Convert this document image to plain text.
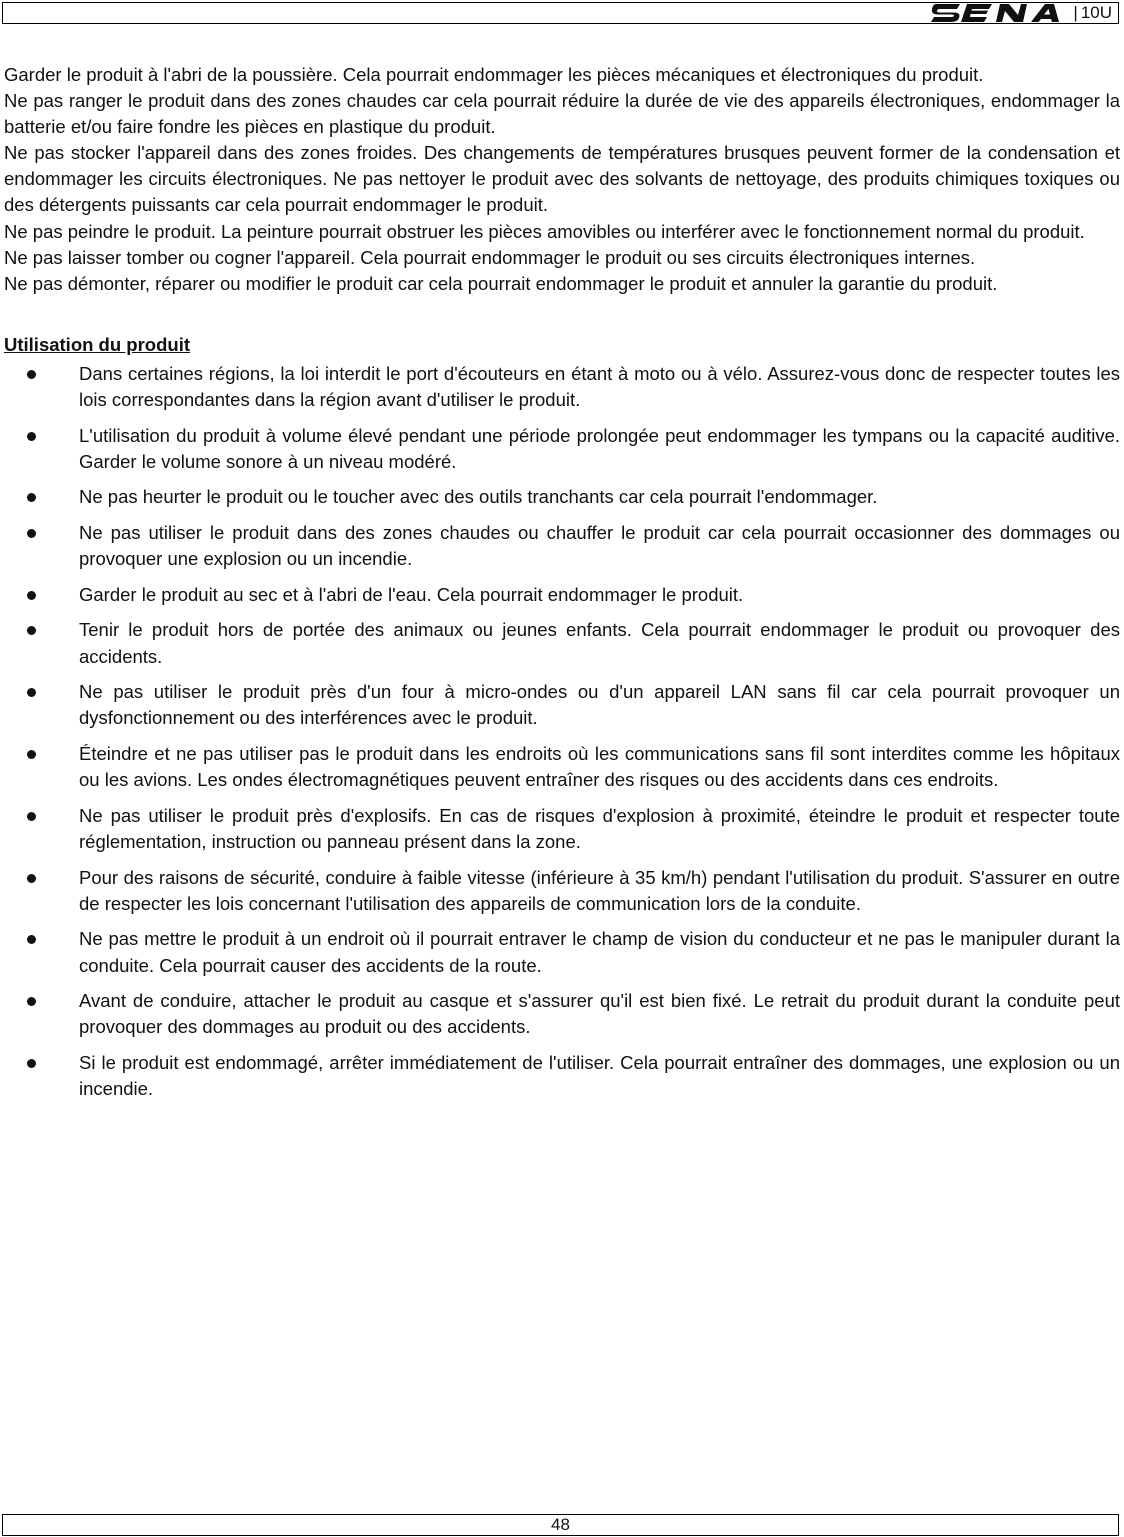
| 10U

Garder le produit à l'abri de la poussière. Cela pourrait endommager les pièces mécaniques et électroniques du produit.

Ne pas ranger le produit dans des zones chaudes car cela pourrait réduire la durée de vie des appareils électroniques, endommager la batterie et/ou faire fondre les pièces en plastique du produit.

Ne pas stocker l'appareil dans des zones froides. Des changements de températures brusques peuvent former de la condensation et endommager les circuits électroniques. Ne pas nettoyer le produit avec des solvants de nettoyage, des produits chimiques toxiques ou des détergents puissants car cela pourrait endommager le produit.

Ne pas peindre le produit. La peinture pourrait obstruer les pièces amovibles ou interférer avec le fonctionnement normal du produit.

Ne pas laisser tomber ou cogner l'appareil. Cela pourrait endommager le produit ou ses circuits électroniques internes.

Ne pas démonter, réparer ou modifier le produit car cela pourrait endommager le produit et annuler la garantie du produit.

Utilisation du produit
Dans certaines régions, la loi interdit le port d'écouteurs en étant à moto ou à vélo. Assurez-vous donc de respecter toutes les lois correspondantes dans la région avant d'utiliser le produit.
L'utilisation du produit à volume élevé pendant une période prolongée peut endommager les tympans ou la capacité auditive. Garder le volume sonore à un niveau modéré.
Ne pas heurter le produit ou le toucher avec des outils tranchants car cela pourrait l'endommager.
Ne pas utiliser le produit dans des zones chaudes ou chauffer le produit car cela pourrait occasionner des dommages ou provoquer une explosion ou un incendie.
Garder le produit au sec et à l'abri de l'eau. Cela pourrait endommager le produit.
Tenir le produit hors de portée des animaux ou jeunes enfants. Cela pourrait endommager le produit ou provoquer des accidents.
Ne pas utiliser le produit près d'un four à micro-ondes ou d'un appareil LAN sans fil car cela pourrait provoquer un dysfonctionnement ou des interférences avec le produit.
Éteindre et ne pas utiliser pas le produit dans les endroits où les communications sans fil sont interdites comme les hôpitaux ou les avions. Les ondes électromagnétiques peuvent entraîner des risques ou des accidents dans ces endroits.
Ne pas utiliser le produit près d'explosifs. En cas de risques d'explosion à proximité, éteindre le produit et respecter toute réglementation, instruction ou panneau présent dans la zone.
Pour des raisons de sécurité, conduire à faible vitesse (inférieure à 35 km/h) pendant l'utilisation du produit. S'assurer en outre de respecter les lois concernant l'utilisation des appareils de communication lors de la conduite.
Ne pas mettre le produit à un endroit où il pourrait entraver le champ de vision du conducteur et ne pas le manipuler durant la conduite. Cela pourrait causer des accidents de la route.
Avant de conduire, attacher le produit au casque et s'assurer qu'il est bien fixé. Le retrait du produit durant la conduite peut provoquer des dommages au produit ou des accidents.
Si le produit est endommagé, arrêter immédiatement de l'utiliser. Cela pourrait entraîner des dommages, une explosion ou un incendie.
48
